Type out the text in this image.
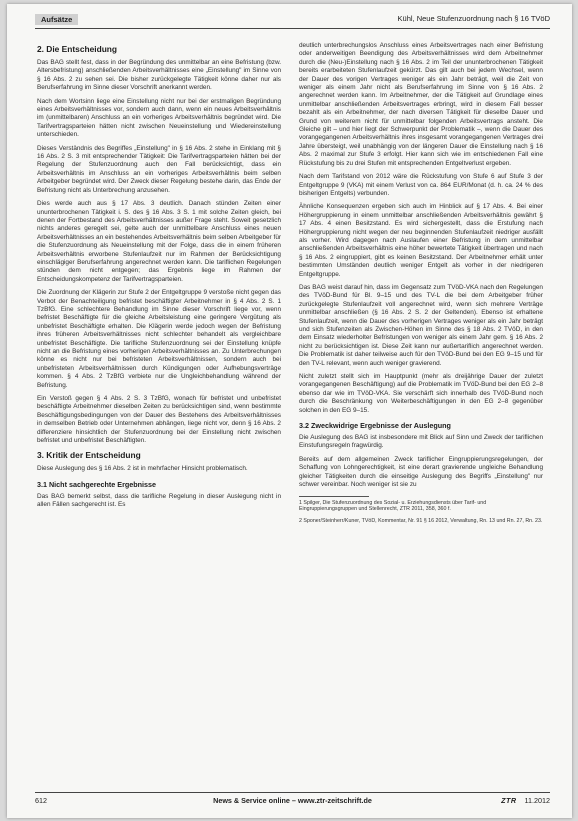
Aufsätze	Kühl, Neue Stufenzuordnung nach § 16 TVöD
2. Die Entscheidung

Das BAG stellt fest, dass in der Begründung des unmittelbar an eine Befristung (bzw. Altersbefristung) anschließenden Arbeitsverhältnisses eine „Einstellung" im Sinne von § 16 Abs. 2 zu sehen sei. Die bisher zurückgelegte Tätigkeit könne daher nur als Berufserfahrung im Sinne dieser Vorschrift anerkannt werden.

Nach dem Wortsinn liege eine Einstellung nicht nur bei der erstmaligen Begründung eines Arbeitsverhältnisses vor, sondern auch dann, wenn ein neues Arbeitsverhältnis im (unmittelbaren) Anschluss an ein vorheriges Arbeitsverhältnis begründet wird. Die Tarifvertragsparteien hätten nicht zwischen Neueinstellung und Wiedereinstellung unterschieden.

Dieses Verständnis des Begriffes „Einstellung" in § 16 Abs. 2 stehe in Einklang mit § 16 Abs. 2 S. 3 mit entsprechender Tätigkeit: Die Tarifvertragsparteien hätten bei der Regelung der Stufenzuordnung auch den Fall berücksichtigt, dass ein Arbeitsverhältnis im Anschluss an ein vorheriges Arbeitsverhältnis beim selben Arbeitgeber begründet wird. Der Zweck dieser Regelung bestehe darin, das Ende der Befristung nicht als Unterbrechung anzusehen.

Dies werde auch aus § 17 Abs. 3 deutlich. Danach stünden Zeiten einer ununterbrochenen Tätigkeit i. S. des § 16 Abs. 3 S. 1 mit solche Zeiten gleich, bei denen der Fortbestand des Arbeitsverhältnisses außer Frage steht. Soweit gesetzlich nichts anderes geregelt sei, gelte auch der unmittelbare Anschluss eines neuen Arbeitsverhältnisses an ein bestehendes Arbeitsverhältnis beim selben Arbeitgeber für die Stufenzuordnung als Neueinstellung mit der Folge, dass die in einem früheren Arbeitsverhältnis erworbene Stufenlaufzeit nur im Rahmen der Berücksichtigung einschlägiger Berufserfahrung angerechnet werden kann. Die tariflichen Regelungen stünden dem nicht entgegen; das Ergebnis liege im Rahmen der Entscheidungskompetenz der Tarifvertragsparteien.

Die Zuordnung der Klägerin zur Stufe 2 der Entgeltgruppe 9 verstoße nicht gegen das Verbot der Benachteiligung befristet beschäftigter Arbeitnehmer in § 4 Abs. 2 S. 1 TzBfG. Eine schlechtere Behandlung im Sinne dieser Vorschrift liege vor, wenn befristet Beschäftigte für die gleiche Arbeitsleistung eine geringere Vergütung als unbefristet Beschäftigte erhalten. Die Klägerin werde jedoch wegen der Befristung ihres früheren Arbeitsverhältnisses nicht schlechter behandelt als vergleichbare unbefristet Beschäftigte. Die tarifliche Stufenzuordnung sei der Einstellung knüpfe nicht an die Befristung eines vorherigen Arbeitsverhältnisses an. Zu Unterbrechungen könne es nicht nur bei befristeten Arbeitsverhältnissen, sondern auch bei unbefristeten Arbeitsverhältnissen durch Kündigungen oder Aufhebungsverträge kommen. § 4 Abs. 2 TzBfG verbiete nur die Ungleichbehandlung während der Befristung.

Ein Verstoß gegen § 4 Abs. 2 S. 3 TzBfG, wonach für befristet und unbefristet beschäftigte Arbeitnehmer dieselben Zeiten zu berücksichtigen sind, wenn bestimmte Beschäftigungsbedingungen von der Dauer des Bestehens des Arbeitsverhältnisses in demselben Betrieb oder Unternehmen abhängen, liege nicht vor, denn § 16 Abs. 2 differenziere hinsichtlich der Stufenzuordnung bei der Einstellung nicht zwischen befristet und unbefristet Beschäftigten.

3. Kritik der Entscheidung

Diese Auslegung des § 16 Abs. 2 ist in mehrfacher Hinsicht problematisch.

3.1 Nicht sachgerechte Ergebnisse

Das BAG bemerkt selbst, dass die tarifliche Regelung in dieser Auslegung nicht in allen Fällen sachgerecht ist. Es

deutlich unterbrechungslos Anschluss eines Arbeitsvertrages nach einer Befristung oder anderweitigen Beendigung des Arbeitsverhältnisses wird dem Arbeitnehmer durch die (Neu-)Einstellung nach § 16 Abs. 2 im Teil der ununterbrochenen Tätigkeit bereits erarbeiteten Stufenlaufzeit gekürzt. Das gilt auch bei jedem Wechsel, wenn der Dauer des vorigen Vertrages weniger als ein Jahr beträgt, weil die Zeit von weniger als einem Jahr nicht als Berufserfahrung im Sinne von § 16 Abs. 2 angerechnet werden kann. Im Arbeitnehmer, der die Tätigkeit auf Grundlage eines unmittelbar anschließenden Arbeitsvertrages erbringt, wird in diesem Fall besser bezahlt als ein Arbeitnehmer, der nach diversen Tätigkeit für dieselbe Dauer und Grund von weiterem nicht für unmittelbar folgenden Arbeitsvertrags ansteht. Die Gleiche gilt – und hier liegt der Schwerpunkt der Problematik –, wenn die Dauer des vorangegangenen Arbeitsverhältnis ihres insgesamt vorangegangenen Vertrages drei Jahre übersteigt, weil unabhängig von der längeren Dauer die Einstellung nach § 16 Abs. 2 maximal zur Stufe 3 erfolgt. Hier kann sich wie im entschiedenen Fall eine Rückstufung bis zu drei Stufen mit entsprechenden Entgeltverlust ergeben.

Nach dem Tarifstand von 2012 wäre die Rückstufung von Stufe 6 auf Stufe 3 der Entgeltgruppe 9 (VKA) mit einem Verlust von ca. 864 EUR/Monat (d. h. ca. 24 % des bisherigen Entgelts) verbunden.

Ähnliche Konsequenzen ergeben sich auch im Hinblick auf § 17 Abs. 4. Bei einer Höhergruppierung in einem unmittelbar anschließenden Arbeitsverhältnis gewährt § 17 Abs. 4 einen Besitzstand. Es wird sichergestellt, dass die Erstufung nach Höhergruppierung nicht wegen der neu beginnenden Stufenlaufzeit niedriger ausfällt als vorher. Wird dagegen nach Auslaufen einer Befristung in dem unmittelbar anschließenden Arbeitsverhältnis eine höher bewertete Tätigkeit übertragen und nach § 16 Abs. 2 eingruppiert, gibt es keinen Besitzstand. Der Arbeitnehmer erhält unter bestimmten Umständen deutlich weniger Entgelt als vorher in der niedrigeren Entgeltgruppe.

Das BAG weist darauf hin, dass im Gegensatz zum TVöD-VKA nach den Regelungen des TVöD-Bund für Bl. 9–15 und des TV-L die bei dem Arbeitgeber früher zurückgelegte Stufenlaufzeit voll angerechnet wird, wenn sich mehrere Verträge unmittelbar anschließen (§ 16 Abs. 2 S. 2 der Geltenden). Ebenso ist erhaltene Stufenlaufzeit, wenn die Dauer des vorherigen Vertrages weniger als ein Jahr beträgt und sich Stufenzeiten als Zwischen-Höhen im Sinne des § 18 Abs. 2 TVöD, in den dem Einsatz wiederholter Befristungen von weniger als einem Jahr gem. § 16 Abs. 2 nicht zu berücksichtigen ist. Diese Zeit kann nur außertariflich angerechnet werden. Die Problematik ist daher teilweise auch für den TVöD-Bund bei den EG 9–15 und für den TV-L relevant, wenn auch weniger gravierend.

Nicht zuletzt stellt sich im Hauptpunkt (mehr als dreijährige Dauer der zuletzt vorangegangenen Beschäftigung) auf die Problematik im TVöD-Bund bei den EG 2–8 ebenso dar wie im TVöD-VKA. Sie verschärft sich innerhalb des TVöD-Bund noch durch die Beschränkung von Weiterbeschäftigungen in den EG 2–8 gegenüber solchen in den EG 9–15.

3.2 Zweckwidrige Ergebnisse der Auslegung

Die Auslegung des BAG ist insbesondere mit Blick auf Sinn und Zweck der tariflichen Einstufungsregeln fragwürdig.

Bereits auf dem allgemeinen Zweck tariflicher Eingruppierungsregelungen, der Schaffung von Lohngerechtigkeit, ist eine derart gravierende ungleiche Behandlung gleicher Tätigkeiten durch die einseitige Auslegung des Begriffs „Einstellung" nur schwer vereinbar. Noch weniger ist sie zu

1 Spilger, Die Stufenzuordnung des Sozial- u. Erziehungsdiensts über Tarif- und Eingruppierungsgruppen und Stellenrecht, ZTR 2011, 358, 360 f.

2 Sponer/Steinherr/Kuner, TVöD, Kommentar, Nr. 91 § 16 2012, Verwaltung, Rn. 13 und Rn. 27, Rn. 23.

612	News & Service online – www.ztr-zeitschrift.de	ZTR 11.2012
